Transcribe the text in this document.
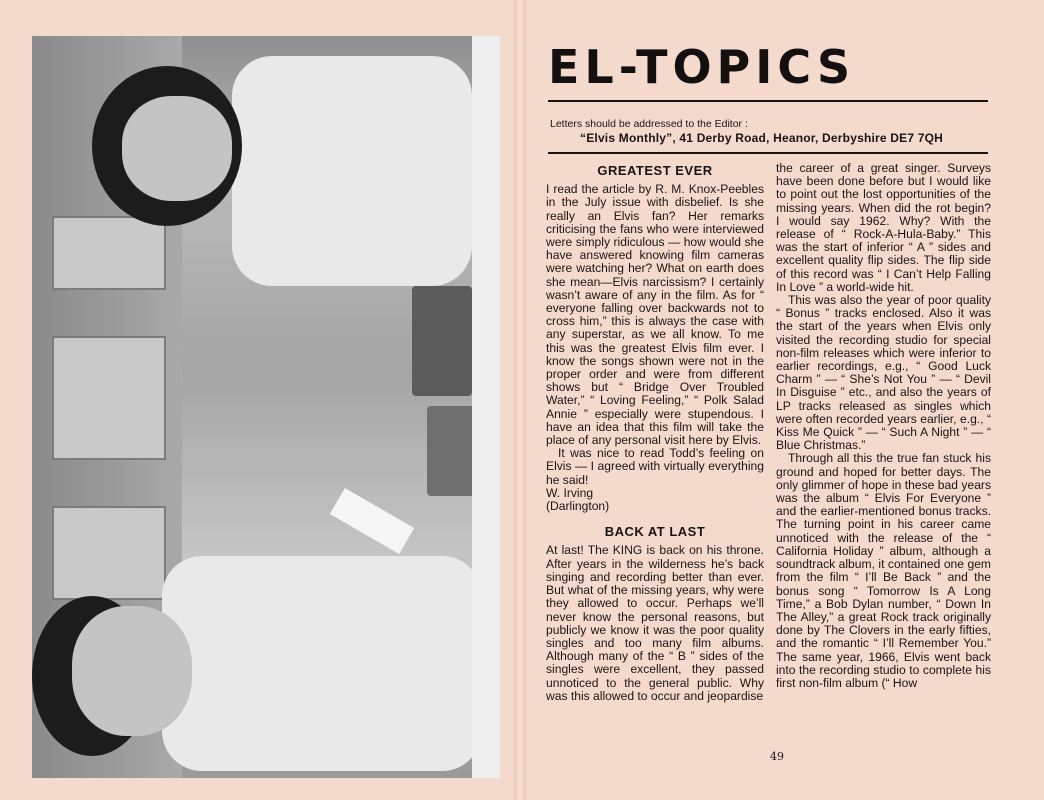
EL-TOPICS
Letters should be addressed to the Editor :
“Elvis Monthly”, 41 Derby Road, Heanor, Derbyshire DE7 7QH
GREATEST EVER

I read the article by R. M. Knox-Peebles in the July issue with disbelief. Is she really an Elvis fan? Her remarks criticising the fans who were interviewed were simply ridiculous — how would she have answered knowing film cameras were watching her? What on earth does she mean—Elvis narcissism? I certainly wasn’t aware of any in the film. As for “ everyone falling over backwards not to cross him,” this is always the case with any superstar, as we all know. To me this was the greatest Elvis film ever. I know the songs shown were not in the proper order and were from different shows but “ Bridge Over Troubled Water,” “ Loving Feeling,” “ Polk Salad Annie ” especially were stupendous. I have an idea that this film will take the place of any personal visit here by Elvis.

It was nice to read Todd’s feeling on Elvis — I agreed with virtually everything he said!

W. Irving

(Darlington)

BACK AT LAST

At last! The KING is back on his throne. After years in the wilderness he’s back singing and recording better than ever. But what of the missing years, why were they allowed to occur. Perhaps we’ll never know the personal reasons, but publicly we know it was the poor quality singles and too many film albums. Although many of the “ B ” sides of the singles were excellent, they passed unnoticed to the general public. Why was this allowed to occur and jeopardise

the career of a great singer. Surveys have been done before but I would like to point out the lost opportunities of the missing years. When did the rot begin? I would say 1962. Why? With the release of “ Rock-A-Hula-Baby.” This was the start of inferior “ A ” sides and excellent quality flip sides. The flip side of this record was “ I Can’t Help Falling In Love ” a world-wide hit.

This was also the year of poor quality “ Bonus ” tracks enclosed. Also it was the start of the years when Elvis only visited the recording studio for special non-film releases which were inferior to earlier recordings, e.g., “ Good Luck Charm ” — “ She’s Not You ” — “ Devil In Disguise ” etc., and also the years of LP tracks released as singles which were often recorded years earlier, e.g., “ Kiss Me Quick ” — “ Such A Night ” — “ Blue Christmas.”

Through all this the true fan stuck his ground and hoped for better days. The only glimmer of hope in these bad years was the album “ Elvis For Everyone ” and the earlier-mentioned bonus tracks. The turning point in his career came unnoticed with the release of the “ California Holiday ” album, although a soundtrack album, it contained one gem from the film “ I’ll Be Back ” and the bonus song “ Tomorrow Is A Long Time,” a Bob Dylan number, “ Down In The Alley,” a great Rock track originally done by The Clovers in the early fifties, and the romantic “ I’ll Remember You.” The same year, 1966, Elvis went back into the recording studio to complete his first non-film album (“ How

49
